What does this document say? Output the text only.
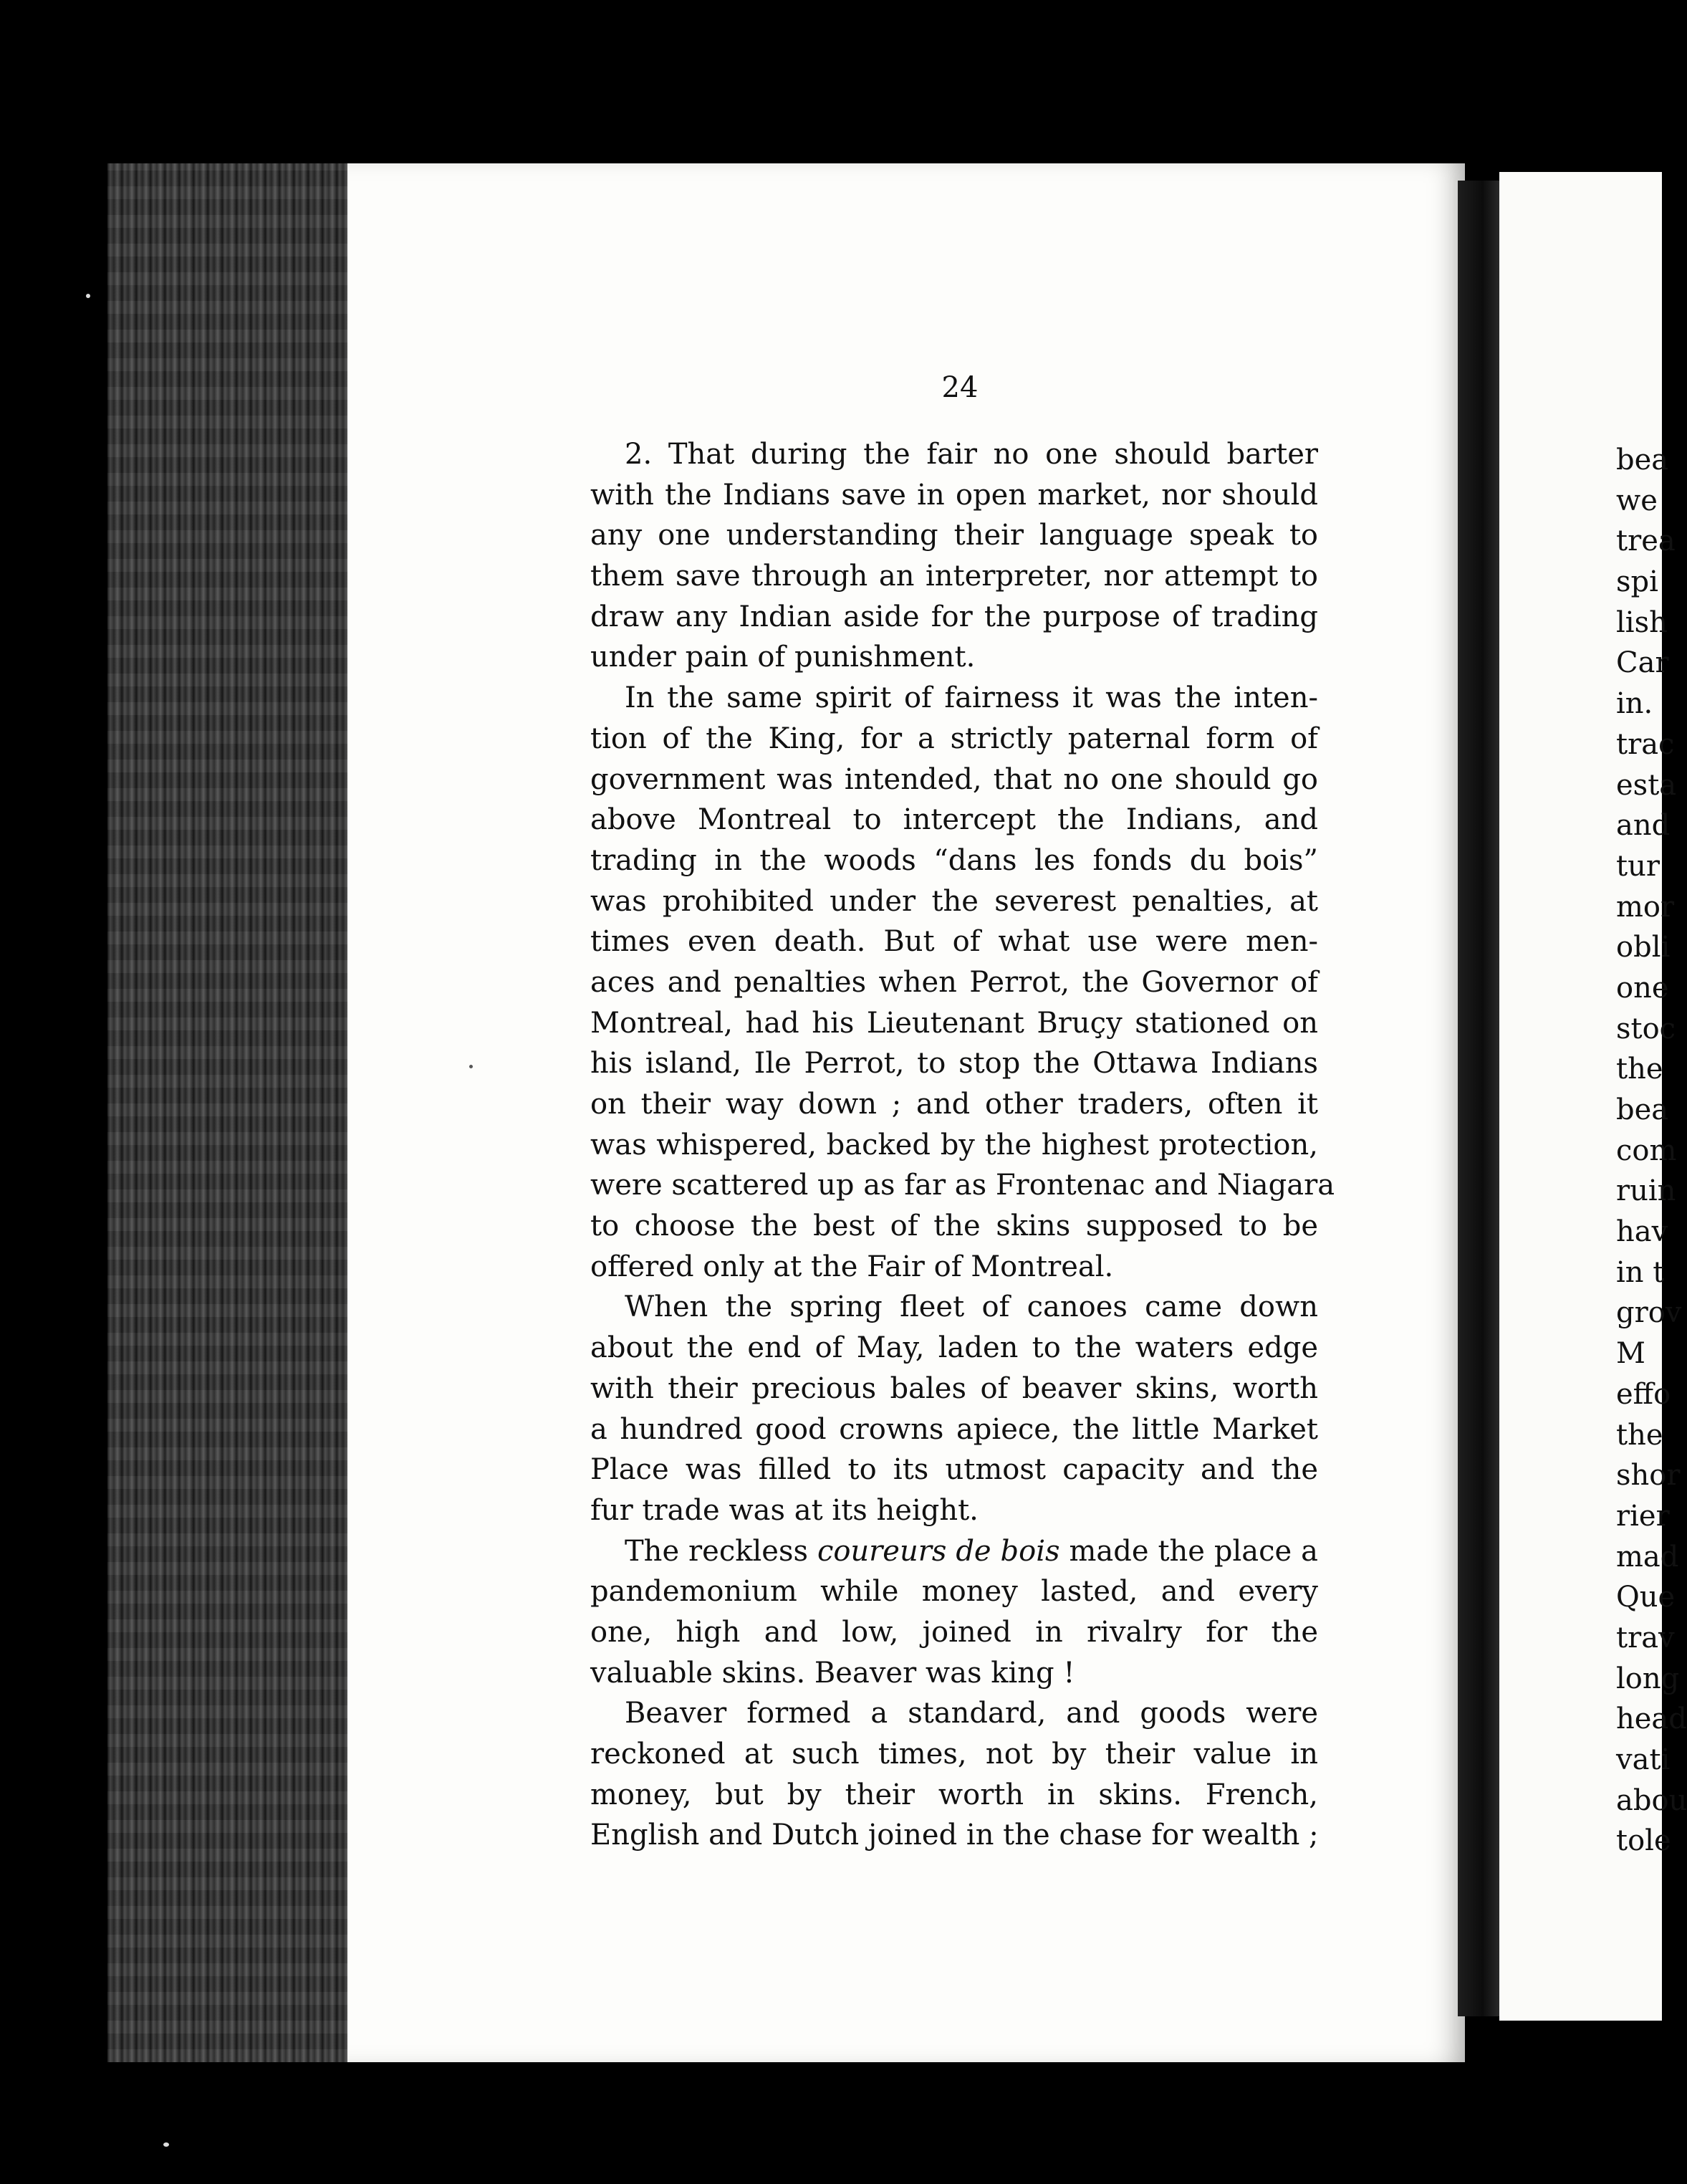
24
2. That during the fair no one should barter
with the Indians save in open market, nor should
any one understanding their language speak to
them save through an interpreter, nor attempt to
draw any Indian aside for the purpose of trading
under pain of punishment.
In the same spirit of fairness it was the inten-
tion of the King, for a strictly paternal form of
government was intended, that no one should go
above Montreal to intercept the Indians, and
trading in the woods “dans les fonds du bois”
was prohibited under the severest penalties, at
times even death. But of what use were men-
aces and penalties when Perrot, the Governor of
Montreal, had his Lieutenant Bruçy stationed on
his island, Ile Perrot, to stop the Ottawa Indians
on their way down ; and other traders, often it
was whispered, backed by the highest protection,
were scattered up as far as Frontenac and Niagara
to choose the best of the skins supposed to be
offered only at the Fair of Montreal.
When the spring fleet of canoes came down
about the end of May, laden to the waters edge
with their precious bales of beaver skins, worth
a hundred good crowns apiece, the little Market
Place was filled to its utmost capacity and the
fur trade was at its height.
The reckless coureurs de bois made the place a
pandemonium while money lasted, and every
one, high and low, joined in rivalry for the
valuable skins. Beaver was king !
Beaver formed a standard, and goods were
reckoned at such times, not by their value in
money, but by their worth in skins. French,
English and Dutch joined in the chase for wealth ;
bea
we
trea
spi
lish
Car
in.
trac
esta
and
tur
mor
obli
one
stoc
the
bea
com
ruin
hav
in t
grov
M
effo
the
shor
rier
mad
Que
trav
long
head
vati
abou
tole
